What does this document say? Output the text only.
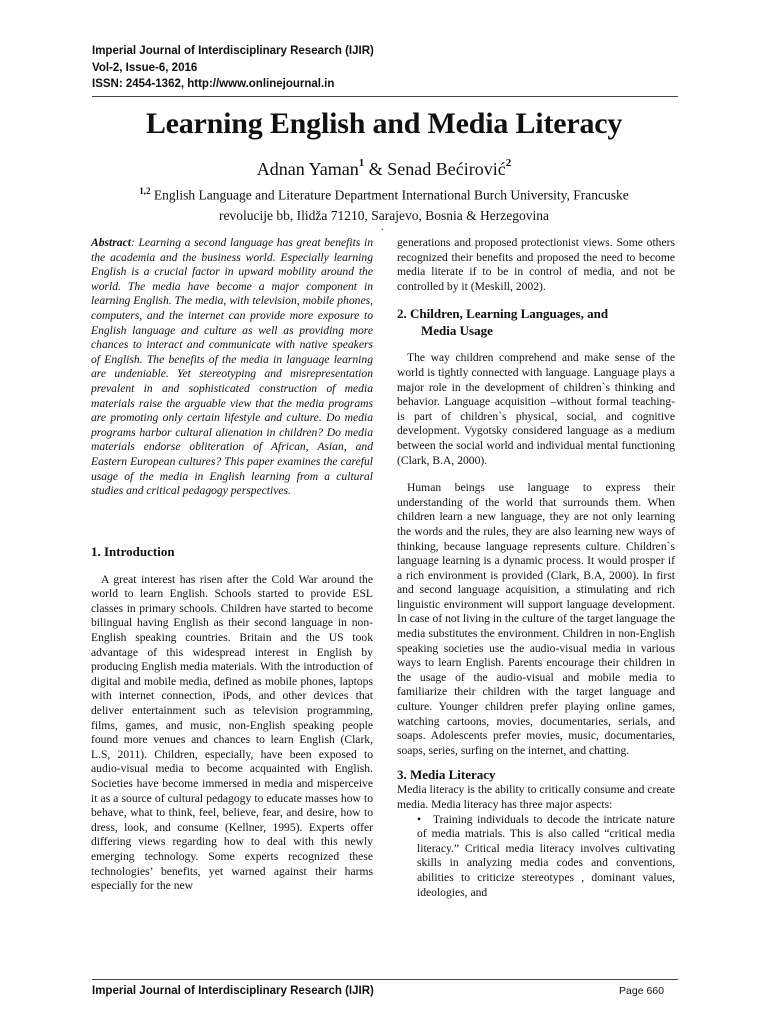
Imperial Journal of Interdisciplinary Research (IJIR)
Vol-2, Issue-6, 2016
ISSN: 2454-1362, http://www.onlinejournal.in
Learning English and Media Literacy
Adnan Yaman$^1$ & Senad Bećirović$^2$
$^{1,2}$ English Language and Literature Department International Burch University, Francuske
revolucije bb, Ilidža 71210, Sarajevo, Bosnia & Herzegovina
.

Abstract: Learning a second language has great benefits in the academia and the business world. Especially learning English is a crucial factor in upward mobility around the world. The media have become a major component in learning English. The media, with television, mobile phones, computers, and the internet can provide more exposure to English language and culture as well as providing more chances to interact and communicate with native speakers of English. The benefits of the media in language learning are undeniable. Yet stereotyping and misrepresentation prevalent in and sophisticated construction of media materials raise the arguable view that the media programs are promoting only certain lifestyle and culture. Do media programs harbor cultural alienation in children? Do media materials endorse obliteration of African, Asian, and Eastern European cultures? This paper examines the careful usage of the media in English learning from a cultural studies and critical pedagogy perspectives.

1. Introduction

A great interest has risen after the Cold War around the world to learn English. Schools started to provide ESL classes in primary schools. Children have started to become bilingual having English as their second language in non-English speaking countries. Britain and the US took advantage of this widespread interest in English by producing English media materials. With the introduction of digital and mobile media, defined as mobile phones, laptops with internet connection, iPods, and other devices that deliver entertainment such as television programming, films, games, and music, non-English speaking people found more venues and chances to learn English (Clark, L.S, 2011). Children, especially, have been exposed to audio-visual media to become acquainted with English. Societies have become immersed in media and misperceive it as a source of cultural pedagogy to educate masses how to behave, what to think, feel, believe, fear, and desire, how to dress, look, and consume (Kellner, 1995). Experts offer differing views regarding how to deal with this newly emerging technology. Some experts recognized these technologies’ benefits, yet warned against their harms especially for the new

generations and proposed protectionist views. Some others recognized their benefits and proposed the need to become media literate if to be in control of media, and not be controlled by it (Meskill, 2002).

2. Children, Learning Languages, and
Media Usage

The way children comprehend and make sense of the world is tightly connected with language. Language plays a major role in the development of children`s thinking and behavior. Language acquisition –without formal teaching- is part of children`s physical, social, and cognitive development. Vygotsky considered language as a medium between the social world and individual mental functioning (Clark, B.A, 2000).

Human beings use language to express their understanding of the world that surrounds them. When children learn a new language, they are not only learning the words and the rules, they are also learning new ways of thinking, because language represents culture. Children`s language learning is a dynamic process. It would prosper if a rich environment is provided (Clark, B.A, 2000). In first and second language acquisition, a stimulating and rich linguistic environment will support language development. In case of not living in the culture of the target language the media substitutes the environment. Children in non-English speaking societies use the audio-visual media in various ways to learn English. Parents encourage their children in the usage of the audio-visual and mobile media to familiarize their children with the target language and culture. Younger children prefer playing online games, watching cartoons, movies, documentaries, serials, and soaps. Adolescents prefer movies, music, documentaries, soaps, series, surfing on the internet, and chatting.

3. Media Literacy

Media literacy is the ability to critically consume and create media. Media literacy has three major aspects:

• Training individuals to decode the intricate nature of media matrials. This is also called “critical media literacy.” Critical media literacy involves cultivating skills in analyzing media codes and conventions, abilities to criticize stereotypes , dominant values, ideologies, and

Imperial Journal of Interdisciplinary Research (IJIR)	Page 660
